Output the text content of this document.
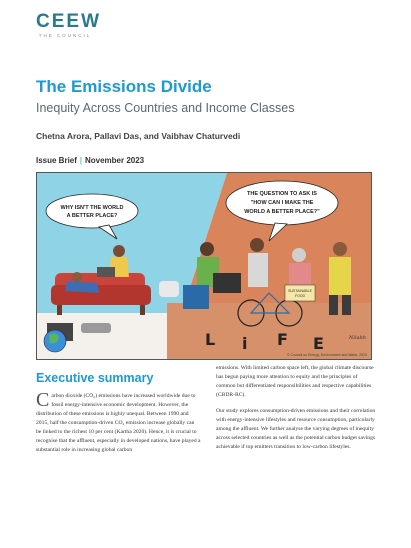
CEEW
THE COUNCIL
The Emissions Divide
Inequity Across Countries and Income Classes
Chetna Arora, Pallavi Das, and Vaibhav Chaturvedi
Issue Brief | November 2023
WHY ISN'T THE WORLD
A BETTER PLACE?
THE QUESTION TO ASK IS
"HOW CAN I MAKE THE
WORLD A BETTER PLACE?"
SUSTAINABLE
FOOD
L i F E	Nilabh
© Council on Energy, Environment and Water, 2023
Executive summary

Carbon dioxide (CO₂) emissions have increased worldwide due to fossil energy-intensive economic development. However, the distribution of these emissions is highly unequal. Between 1990 and 2015, half the consumption-driven CO₂ emission increase globally can be linked to the richest 10 per cent (Kartha 2020). Hence, it is crucial to recognise that the affluent, especially in developed nations, have played a substantial role in increasing global carbon

emissions. With limited carbon space left, the global climate discourse has begun paying more attention to equity and the principles of common but differentiated responsibilities and respective capabilities (CBDR-RC).

Our study explores consumption-driven emissions and their correlation with energy-intensive lifestyles and resource consumption, particularly among the affluent. We further analyse the varying degrees of inequity across selected countries as well as the potential carbon budget savings achievable if top emitters transition to low-carbon lifestyles.
